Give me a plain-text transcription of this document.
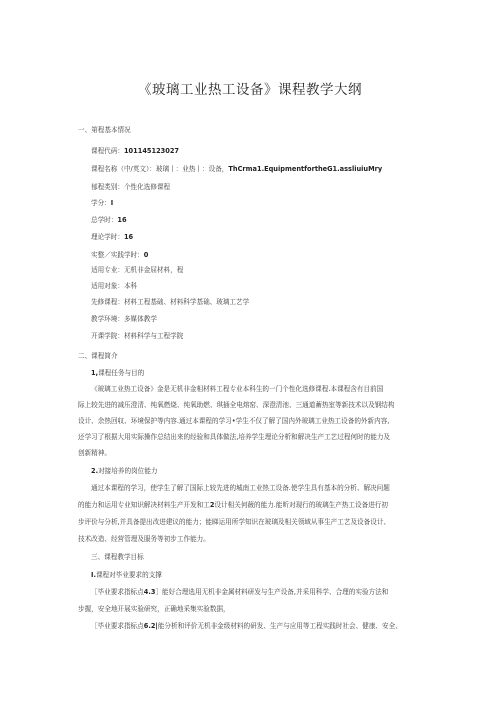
《玻璃工业热工设备》课程教学大纲
一、第程基本情况
课程代码：101145123027
课程名称（中/英文）：玻璃丨：业热丨：设备，ThCrma1.EquipmentfortheG1.assliuiuMry
郁程类别：个性化选修课程
学分：I
总学时：16
理论学时：16
实整／实践学时：0
适用专业：无机非金屈材料，程
适用对象：本科
先修课程：材料工程基础、材料科学基础、玻璃工艺学
教学环境：多媒体教学
开课学院：材料科学与工程学院
二、课程简介
1,课程任务与目的
《玻璃工业热工设备》金是无机非金相材料工程专业本科生的一门个性化选修课程.本课程含有目前国
际上较先进的减压澄清、纯氧燃烧、纯氧助燃、琪插全电熔窑、深澄清池、三通道蓄热室等新技术以及钢结构
设计、余热回収、环境保护等内容.通过本课程的学习•学生不仅了解了国内外玻璃工业热工设备的外新内容,
还学习了根据大用实际操作总结出来的经验和具体做法,培养学生理论分析和解决生产工艺过程何时的能力及
创新精神。
2.对接培养的岗位能力
通过本课程的学习，使学生了解了国际上较先进的城南工业热工设备.使学生具有基本的分析、解决问题
的能力和运用专业知识解决材料生产开发和工2设计相关何薇的能力.能昕对现行的玻璃生产热工设备进行初
步评价与分析,并具备提出改进建议的能力；能睇运用所学知识在玻璃及相关领域从事生产工艺及设备设计、
技术改造、经营管理及服务等初步工作能力。
三、课程教学目标
I.课程对毕业要求的支撑
［毕业要求指标点4.3］能好合理选用无机非金属材料研发与生产设备,并采用科学、合理的实验方法和
步握，安全地开展实验研究，正确地采集实验数据，
［毕业要求指标点6.2|能分析和评价无机非金级材料的研发、生产与应用等工程实践时社会、健康、安全、
